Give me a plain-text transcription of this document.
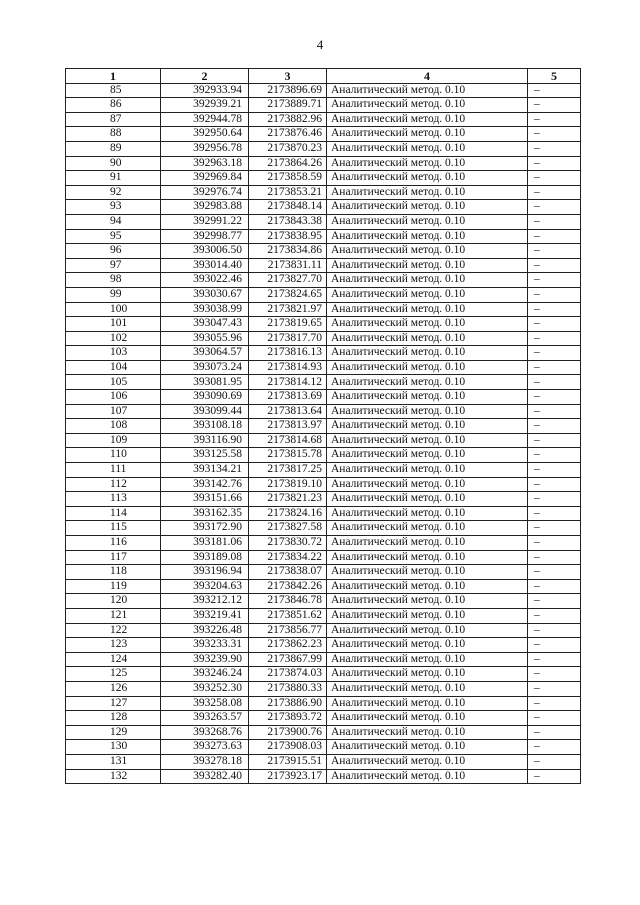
4
1	2	3	4	5
85	392933.94	2173896.69	Аналитический метод. 0.10	–
86	392939.21	2173889.71	Аналитический метод. 0.10	–
87	392944.78	2173882.96	Аналитический метод. 0.10	–
88	392950.64	2173876.46	Аналитический метод. 0.10	–
89	392956.78	2173870.23	Аналитический метод. 0.10	–
90	392963.18	2173864.26	Аналитический метод. 0.10	–
91	392969.84	2173858.59	Аналитический метод. 0.10	–
92	392976.74	2173853.21	Аналитический метод. 0.10	–
93	392983.88	2173848.14	Аналитический метод. 0.10	–
94	392991.22	2173843.38	Аналитический метод. 0.10	–
95	392998.77	2173838.95	Аналитический метод. 0.10	–
96	393006.50	2173834.86	Аналитический метод. 0.10	–
97	393014.40	2173831.11	Аналитический метод. 0.10	–
98	393022.46	2173827.70	Аналитический метод. 0.10	–
99	393030.67	2173824.65	Аналитический метод. 0.10	–
100	393038.99	2173821.97	Аналитический метод. 0.10	–
101	393047.43	2173819.65	Аналитический метод. 0.10	–
102	393055.96	2173817.70	Аналитический метод. 0.10	–
103	393064.57	2173816.13	Аналитический метод. 0.10	–
104	393073.24	2173814.93	Аналитический метод. 0.10	–
105	393081.95	2173814.12	Аналитический метод. 0.10	–
106	393090.69	2173813.69	Аналитический метод. 0.10	–
107	393099.44	2173813.64	Аналитический метод. 0.10	–
108	393108.18	2173813.97	Аналитический метод. 0.10	–
109	393116.90	2173814.68	Аналитический метод. 0.10	–
110	393125.58	2173815.78	Аналитический метод. 0.10	–
111	393134.21	2173817.25	Аналитический метод. 0.10	–
112	393142.76	2173819.10	Аналитический метод. 0.10	–
113	393151.66	2173821.23	Аналитический метод. 0.10	–
114	393162.35	2173824.16	Аналитический метод. 0.10	–
115	393172.90	2173827.58	Аналитический метод. 0.10	–
116	393181.06	2173830.72	Аналитический метод. 0.10	–
117	393189.08	2173834.22	Аналитический метод. 0.10	–
118	393196.94	2173838.07	Аналитический метод. 0.10	–
119	393204.63	2173842.26	Аналитический метод. 0.10	–
120	393212.12	2173846.78	Аналитический метод. 0.10	–
121	393219.41	2173851.62	Аналитический метод. 0.10	–
122	393226.48	2173856.77	Аналитический метод. 0.10	–
123	393233.31	2173862.23	Аналитический метод. 0.10	–
124	393239.90	2173867.99	Аналитический метод. 0.10	–
125	393246.24	2173874.03	Аналитический метод. 0.10	–
126	393252.30	2173880.33	Аналитический метод. 0.10	–
127	393258.08	2173886.90	Аналитический метод. 0.10	–
128	393263.57	2173893.72	Аналитический метод. 0.10	–
129	393268.76	2173900.76	Аналитический метод. 0.10	–
130	393273.63	2173908.03	Аналитический метод. 0.10	–
131	393278.18	2173915.51	Аналитический метод. 0.10	–
132	393282.40	2173923.17	Аналитический метод. 0.10	–
